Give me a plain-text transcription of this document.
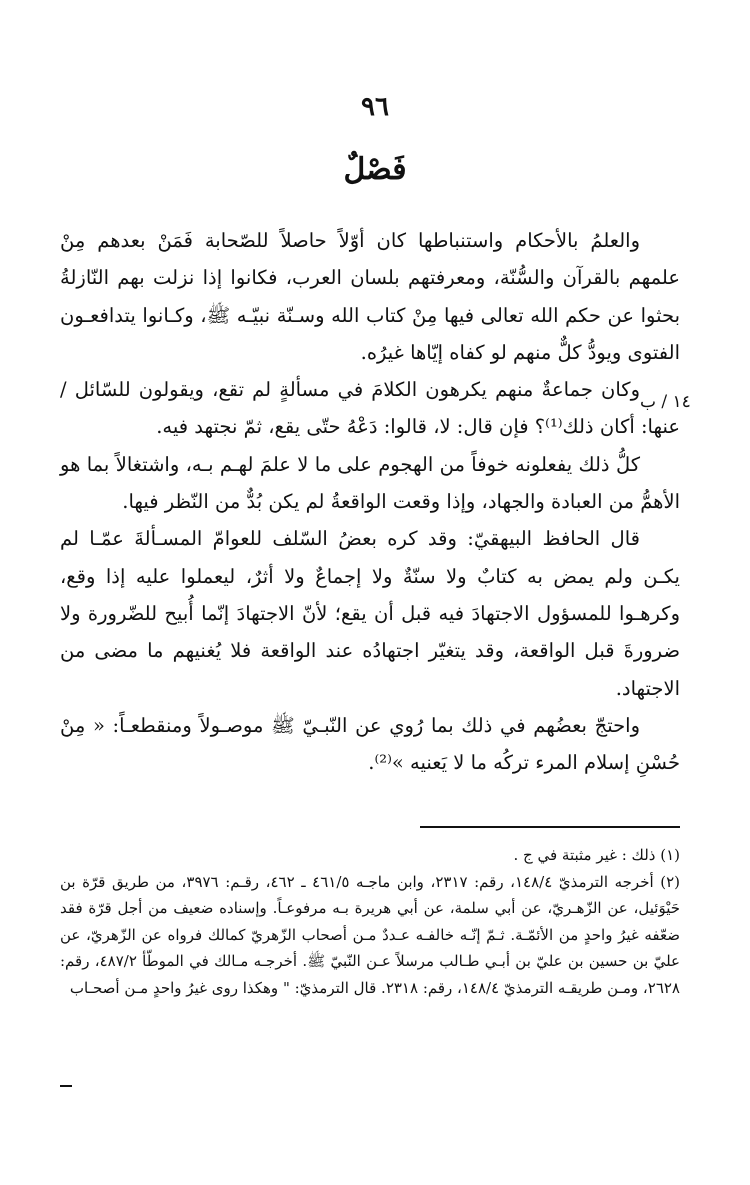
٩٦
فَصْلٌ
١٤ / ب

والعلمُ بالأحكام واستنباطها كان أوّلاً حاصلاً للصّحابة فَمَنْ بعدهم مِنْ علمهم بالقرآن والسُّنّة، ومعرفتهم بلسان العرب، فكانوا إذا نزلت بهم النّازلةُ بحثوا عن حكم الله تعالى فيها مِنْ كتاب الله وسـنّة نبيّـه ﷺ، وكـانوا يتدافعـون الفتوى ويودُّ كلٌّ منهم لو كفاه إيّاها غيرُه.

وكان جماعةٌ منهم يكرهون الكلامَ في مسألةٍ لم تقع، ويقولون للسّائل / عنها: أكان ذلك⁽¹⁾؟ فإن قال: لا، قالوا: دَعْهُ حتّى يقع، ثمّ نجتهد فيه.

كلُّ ذلك يفعلونه خوفاً من الهجوم على ما لا علمَ لهـم بـه، واشتغالاً بما هو الأهمُّ من العبادة والجهاد، وإذا وقعت الواقعةُ لم يكن بُدٌّ من النّظر فيها.

قال الحافظ البيهقيّ: وقد كره بعضُ السّلف للعوامّ المسـألةَ عمّـا لم يكـن ولم يمض به كتابٌ ولا سنّةٌ ولا إجماعٌ ولا أثرٌ، ليعملوا عليه إذا وقع، وكرهـوا للمسؤول الاجتهادَ فيه قبل أن يقع؛ لأنّ الاجتهادَ إنّما أُبيح للضّرورة ولا ضرورةَ قبل الواقعة، وقد يتغيّر اجتهادُه عند الواقعة فلا يُغنيهم ما مضى من الاجتهاد.

واحتجّ بعضُهم في ذلك بما رُوي عن النّبـيّ ﷺ موصـولاً ومنقطعـاً: « مِنْ حُسْنِ إسلام المرء تركُه ما لا يَعنيه »⁽²⁾.

(١) ذلك : غير مثبتة في ج .

(٢) أخرجه الترمذيّ ١٤٨/٤، رقم: ٢٣١٧، وابن ماجـه ٤٦١/٥ ـ ٤٦٢، رقـم: ٣٩٧٦، من طريق قرّة بن حَيْوَئيل، عن الزّهـريّ، عن أبي سلمة، عن أبي هريرة بـه مرفوعـاً. وإسناده ضعيف من أجل قرّة فقد ضعّفه غيرُ واحدٍ من الأئمّـة. ثـمّ إنّـه خالفـه عـددٌ مـن أصحاب الزّهريّ كمالك فرواه عن الزّهريّ، عن عليّ بن حسين بن عليّ بن أبـي طـالب مرسلاً عـن النّبيّ ﷺ. أخرجـه مـالك في الموطّأ ٤٨٧/٢، رقم: ٢٦٢٨، ومـن طريقـه الترمذيّ ١٤٨/٤، رقم: ٢٣١٨. قال الترمذيّ: " وهكذا روى غيرُ واحدٍ مـن أصحـاب
